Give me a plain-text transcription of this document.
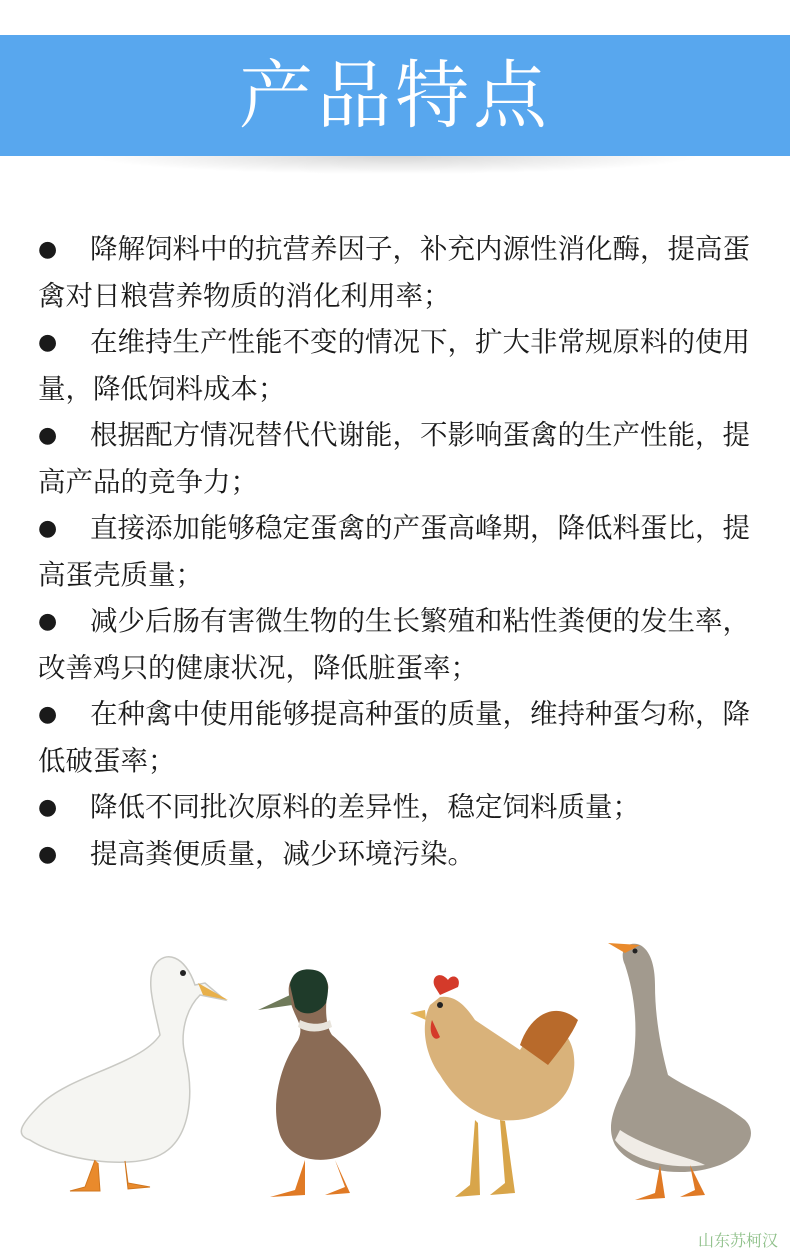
产品特点
● 降解饲料中的抗营养因子，补充内源性消化酶，提高蛋禽对日粮营养物质的消化利用率；
● 在维持生产性能不变的情况下，扩大非常规原料的使用量，降低饲料成本；
● 根据配方情况替代代谢能，不影响蛋禽的生产性能，提高产品的竞争力；
● 直接添加能够稳定蛋禽的产蛋高峰期，降低料蛋比，提高蛋壳质量；
● 减少后肠有害微生物的生长繁殖和粘性粪便的发生率，改善鸡只的健康状况，降低脏蛋率；
● 在种禽中使用能够提高种蛋的质量，维持种蛋匀称，降低破蛋率；
● 降低不同批次原料的差异性，稳定饲料质量；
● 提高粪便质量，减少环境污染。
山东苏柯汉
